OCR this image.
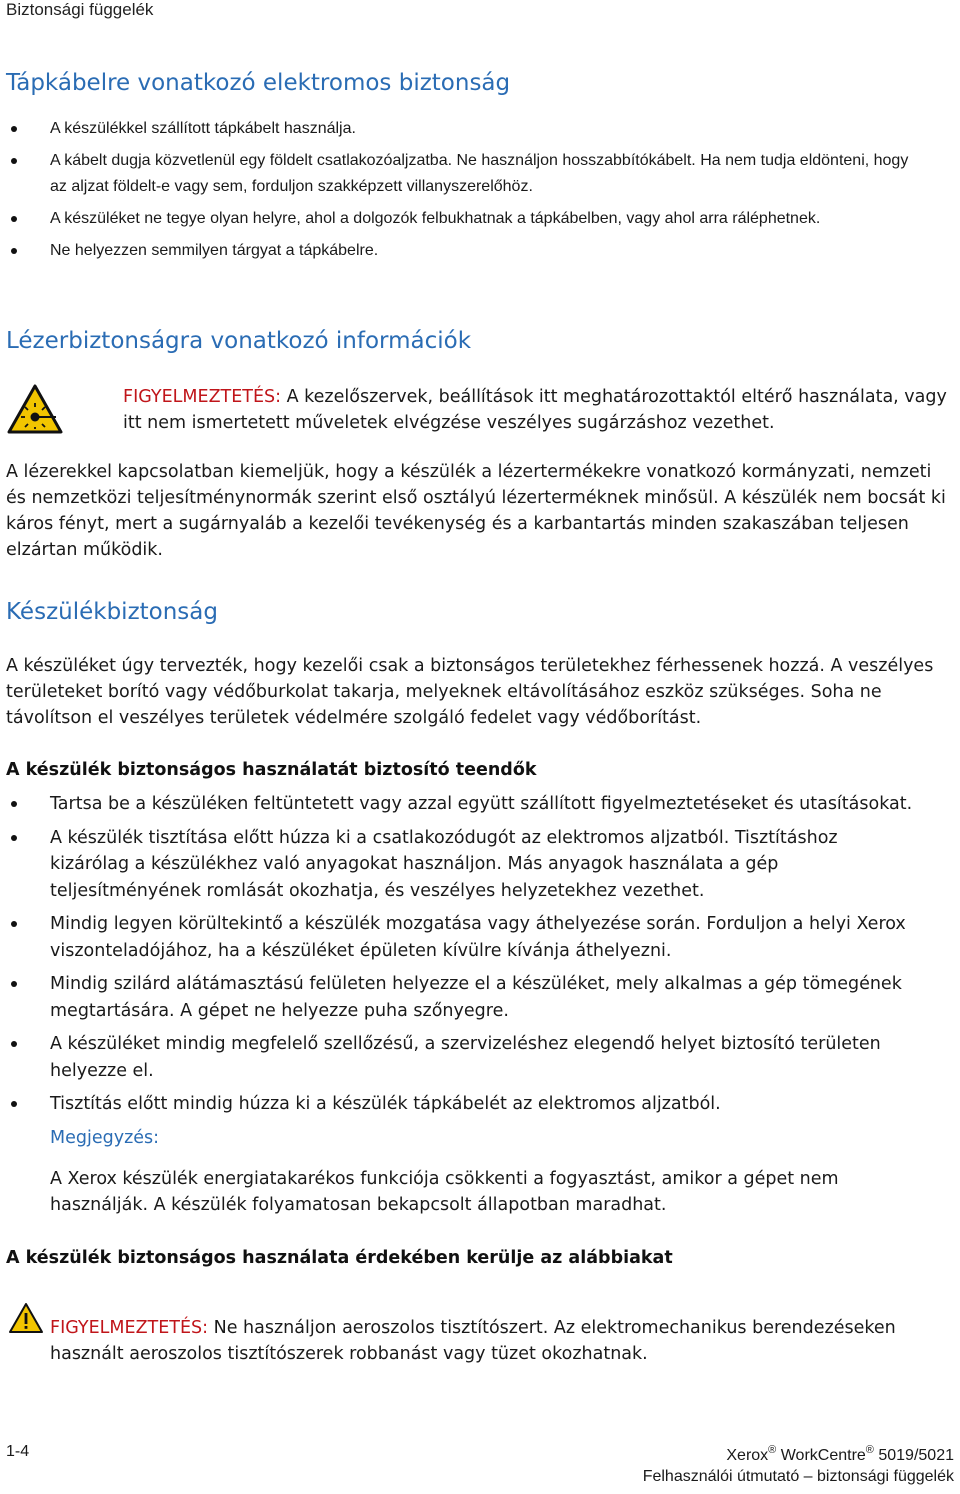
Biztonsági függelék
Tápkábelre vonatkozó elektromos biztonság
A készülékkel szállított tápkábelt használja.
A kábelt dugja közvetlenül egy földelt csatlakozóaljzatba. Ne használjon hosszabbítókábelt. Ha nem tudja eldönteni, hogy az aljzat földelt-e vagy sem, forduljon szakképzett villanyszerelőhöz.
A készüléket ne tegye olyan helyre, ahol a dolgozók felbukhatnak a tápkábelben, vagy ahol arra ráléphetnek.
Ne helyezzen semmilyen tárgyat a tápkábelre.
Lézerbiztonságra vonatkozó információk

FIGYELMEZTETÉS: A kezelőszervek, beállítások itt meghatározottaktól eltérő használata, vagy itt nem ismertetett műveletek elvégzése veszélyes sugárzáshoz vezethet.

A lézerekkel kapcsolatban kiemeljük, hogy a készülék a lézertermékekre vonatkozó kormányzati, nemzeti és nemzetközi teljesítménynormák szerint első osztályú lézerterméknek minősül. A készülék nem bocsát ki káros fényt, mert a sugárnyaláb a kezelői tevékenység és a karbantartás minden szakaszában teljesen elzártan működik.

Készülékbiztonság

A készüléket úgy tervezték, hogy kezelői csak a biztonságos területekhez férhessenek hozzá. A veszélyes területeket borító vagy védőburkolat takarja, melyeknek eltávolításához eszköz szükséges. Soha ne távolítson el veszélyes területek védelmére szolgáló fedelet vagy védőborítást.

A készülék biztonságos használatát biztosító teendők
Tartsa be a készüléken feltüntetett vagy azzal együtt szállított figyelmeztetéseket és utasításokat.
A készülék tisztítása előtt húzza ki a csatlakozódugót az elektromos aljzatból. Tisztításhoz kizárólag a készülékhez való anyagokat használjon. Más anyagok használata a gép teljesítményének romlását okozhatja, és veszélyes helyzetekhez vezethet.
Mindig legyen körültekintő a készülék mozgatása vagy áthelyezése során. Forduljon a helyi Xerox viszonteladójához, ha a készüléket épületen kívülre kívánja áthelyezni.
Mindig szilárd alátámasztású felületen helyezze el a készüléket, mely alkalmas a gép tömegének megtartására. A gépet ne helyezze puha szőnyegre.
A készüléket mindig megfelelő szellőzésű, a szervizeléshez elegendő helyet biztosító területen helyezze el.
Tisztítás előtt mindig húzza ki a készülék tápkábelét az elektromos aljzatból.
Megjegyzés:
A Xerox készülék energiatakarékos funkciója csökkenti a fogyasztást, amikor a gépet nem használják. A készülék folyamatosan bekapcsolt állapotban maradhat.
A készülék biztonságos használata érdekében kerülje az alábbiakat

FIGYELMEZTETÉS: Ne használjon aeroszolos tisztítószert. Az elektromechanikus berendezéseken használt aeroszolos tisztítószerek robbanást vagy tüzet okozhatnak.

1-4	Xerox® WorkCentre® 5019/5021
Felhasználói útmutató – biztonsági függelék
